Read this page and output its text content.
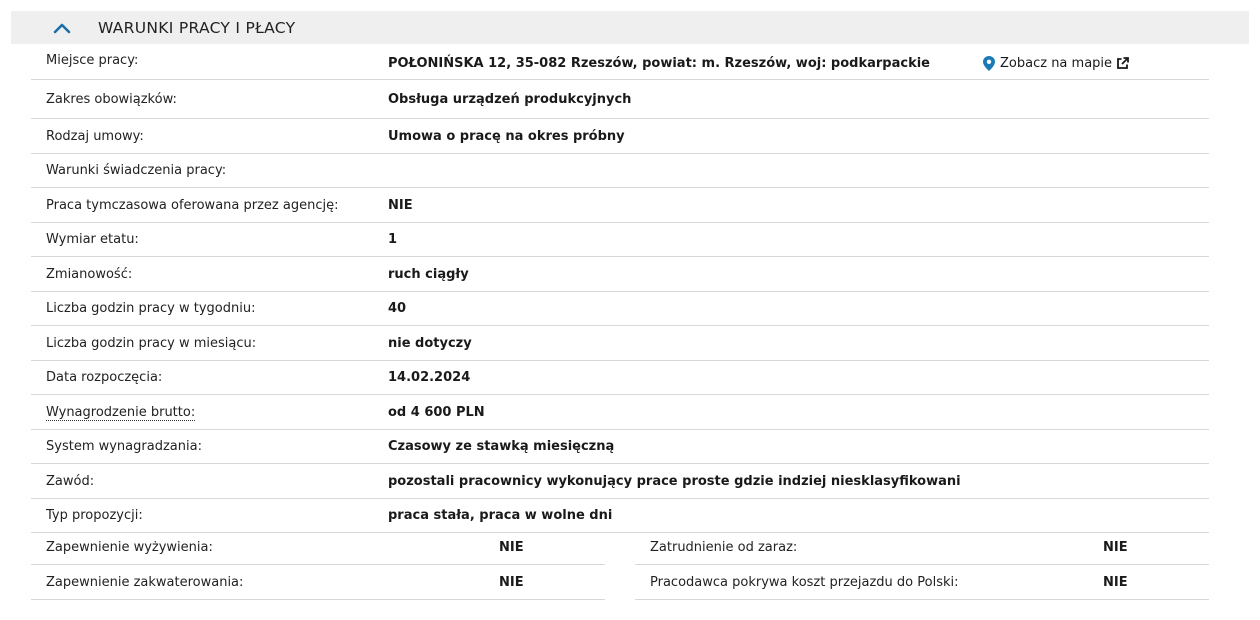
WARUNKI PRACY I PŁACY
Miejsce pracy:	POŁONIŃSKA 12, 35-082 Rzeszów, powiat: m. Rzeszów, woj: podkarpackie	Zobacz na mapie
Zakres obowiązków:	Obsługa urządzeń produkcyjnych
Rodzaj umowy:	Umowa o pracę na okres próbny
Warunki świadczenia pracy:
Praca tymczasowa oferowana przez agencję:	NIE
Wymiar etatu:	1
Zmianowość:	ruch ciągły
Liczba godzin pracy w tygodniu:	40
Liczba godzin pracy w miesiącu:	nie dotyczy
Data rozpoczęcia:	14.02.2024
Wynagrodzenie brutto:	od 4 600 PLN
System wynagradzania:	Czasowy ze stawką miesięczną
Zawód:	pozostali pracownicy wykonujący prace proste gdzie indziej niesklasyfikowani
Typ propozycji:	praca stała, praca w wolne dni
Zapewnienie wyżywienia:	NIE
Zapewnienie zakwaterowania:	NIE
Zatrudnienie od zaraz:	NIE
Pracodawca pokrywa koszt przejazdu do Polski:	NIE
